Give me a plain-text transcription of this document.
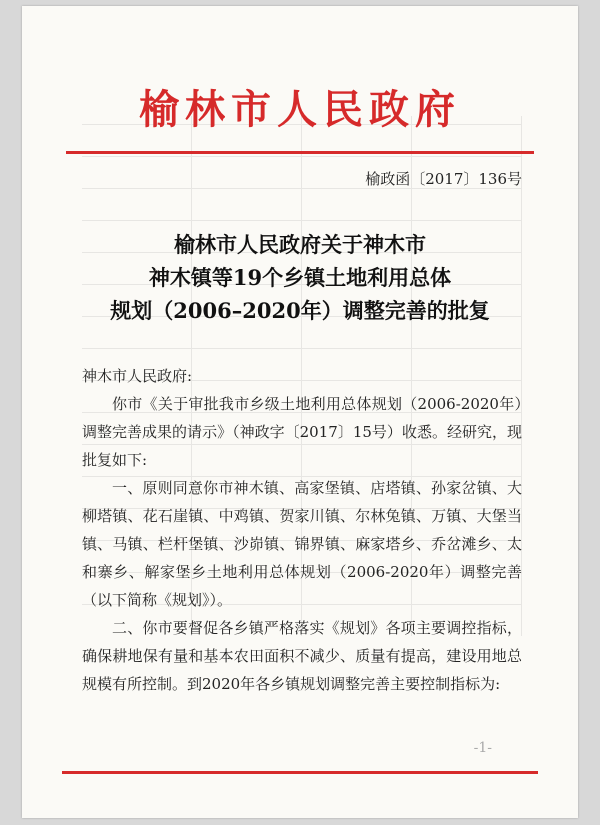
榆林市人民政府
榆政函〔2017〕136号
榆林市人民政府关于神木市
神木镇等19个乡镇土地利用总体
规划（2006–2020年）调整完善的批复

神木市人民政府:

你市《关于审批我市乡级土地利用总体规划（2006-2020年）调整完善成果的请示》（神政字〔2017〕15号）收悉。经研究，现批复如下:

一、原则同意你市神木镇、高家堡镇、店塔镇、孙家岔镇、大柳塔镇、花石崖镇、中鸡镇、贺家川镇、尔林兔镇、万镇、大堡当镇、马镇、栏杆堡镇、沙峁镇、锦界镇、麻家塔乡、乔岔滩乡、太和寨乡、解家堡乡土地利用总体规划（2006-2020年）调整完善（以下简称《规划》）。

二、你市要督促各乡镇严格落实《规划》各项主要调控指标，确保耕地保有量和基本农田面积不减少、质量有提高，建设用地总规模有所控制。到2020年各乡镇规划调整完善主要控制指标为:

-1-
